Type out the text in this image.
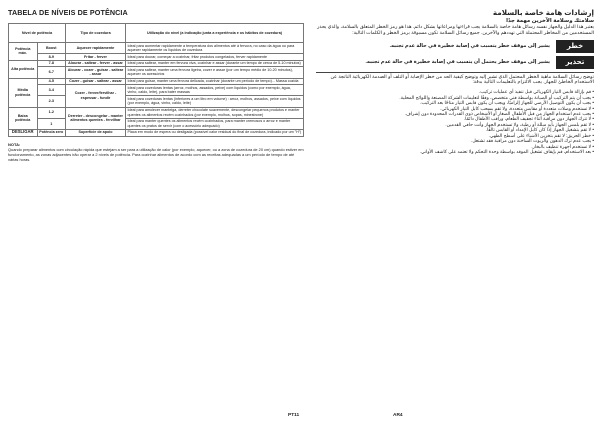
TABELA DE NÍVEIS DE POTÊNCIA
Nível de potência		Tipo de cozedura	Utilização do nível (a indicação junta a experiência e os hábitos de cozedura)
Potência máx.	Boost	Aquecer rapidamente	Ideal para aumentar rapidamente a temperatura dos alimentos até à fervura, no caso da água ou para aquecer rapidamente os líquidos de cozedura
	8-9	Fritar - ferver	Ideal para dourar, começar a cozinhar, fritar produtos congelados, ferver rapidamente
Alta potência	7-8	Alourar - saltear - ferver - assar	Ideal para saltear, manter em fervura viva, cozinhar e assar (durante um tempo de cerca de 5-10 minutos)
	6-7	Alourar - cozer - guisar - saltear - assar	Ideal para saltear, manter uma fervura ligeira, cozer e assar (por um tempo médio de 10-20 minutos), aquecer os acessórios
Média potência	4-5	Cozer - guisar - saltear - assar	Ideal para guisar, manter uma fervura delicada, cozinhar (durante um período de tempo)... Massa cozida
	3-4	Cozer - ferver/fervilhar - espessar - fundir	Ideal para cozeduras lentas (arroz, molhos, assados, peixe) com líquidos (como por exemplo, água, vinho, caldo, leite), para bater massas
	2-3		Ideal para cozeduras lentas (inferiores a um litro em volume) : arroz, molhos, assados, peixe com líquidos (por exemplo, água, vinho, caldo, leite)
Baixa potência	1-2	Derreter - descongelar - manter alimentos quentes - fervilhar	Ideal para amolecer manteiga, derreter chocolate suavemente, descongelar pequenos produtos e manter quentes os alimentos recém cozinhados (por exemplo, molhos, sopas, minestrone)
	1		Ideal para manter quentes os alimentos recém cozinhados, para manter cremosos o arroz e manter quentes os pratos de servir (com o acessório adequado)
DESLIGAR	Potência zero	Superfície de apoio	Placa em modo de espera ou desligada (possível calor residual do final de cozedura, indicado por um "H")
NOTA:
Quando preparar alimentos com circulação rápida que estejam a ser para a utilização de calor (por exemplo, aquecer, ou a zona de cozedura de 20 cm) quando estiver em funcionamento, as zonas adjacentes irão operar a 2 níveis de potência. Para cozinhar alimentos de acordo com as receitas adequadas a um período de tempo de até várias horas.
إرشادات هامة خاصة بالسلامة
سلامتك وسلامة الآخرين مهمة جدًا

يعتبر هذا الدليل والجهاز نفسه رسائل هامة خاصة بالسلامة يجب قراءتها ومراعاتها بشكل دائم. هذا هو رمز الخطر المتعلق بالسلامة، والذي يحذر المستخدمين من المخاطر المحتملة التي تهددهم والآخرين. جميع رسائل السلامة تكون مسبوقة برمز الخطر و الكلمات التالية:

خطر
يشير إلى موقف خطر يتسبب في إصابة خطيرة في حالة عدم تجنبه.
تحذير
يشير إلى موقف خطر يحتمل أن يتسبب في إصابة خطيرة في حالة عدم تجنبه.

توضح رسائل السلامة ماهية الخطر المحتمل الذي تشير إليه وتوضح كيفية الحد من خطر الإصابة أو التلف أو الصدمة الكهربائية الناتجة عن الاستخدام الخاطئ للجهاز. يجب الالتزام بالتعليمات التالية بدقة:

• قم بإزالة قابس التيار الكهربائي قبل تنفيذ أي عمليات تركيب.
• يجب أن يتم التركيب أو الصيانة بواسطة فني متخصص، وفقًا لتعليمات الشركة المصنعة واللوائح المحلية.
• يجب أن يكون التوصيل الأرضي للجهاز إلزاميًا، ويجب أن يكون قابس التيار متاحًا بعد التركيب.
• لا تستخدم وصلات متعددة أو مقابس متعددة، ولا تقم بسحب كابل التيار الكهربائي.
• يجب عدم استخدام الجهاز من قبل الأطفال الصغار أو الأشخاص ذوي القدرات المحدودة دون إشراف.
• لا تترك الجهاز دون مراقبة أثناء تجفيف الطعام، وراقب الأطفال دائمًا.
• لا تقم بلمس الجهاز بأيدٍ مبللة أو رطبة، ولا تستخدم الجهاز وأنت حافي القدمين.
• لا تقم بتشغيل الجهاز إذا كان كابل الإمداد أو القابس تالفًا.
• خطر الحريق: لا تقم بتخزين الأشياء على أسطح الطهي.
• يجب عدم ترك الدهون والزيوت الساخنة دون مراقبة فقد تشتعل.
• لا تستخدم أجهزة تنظيف بالبخار.
• بعد الاستخدام، قم بإيقاف تشغيل الموقد بواسطة وحدة التحكم ولا تعتمد على كاشف الأواني.
PT11	AR4
